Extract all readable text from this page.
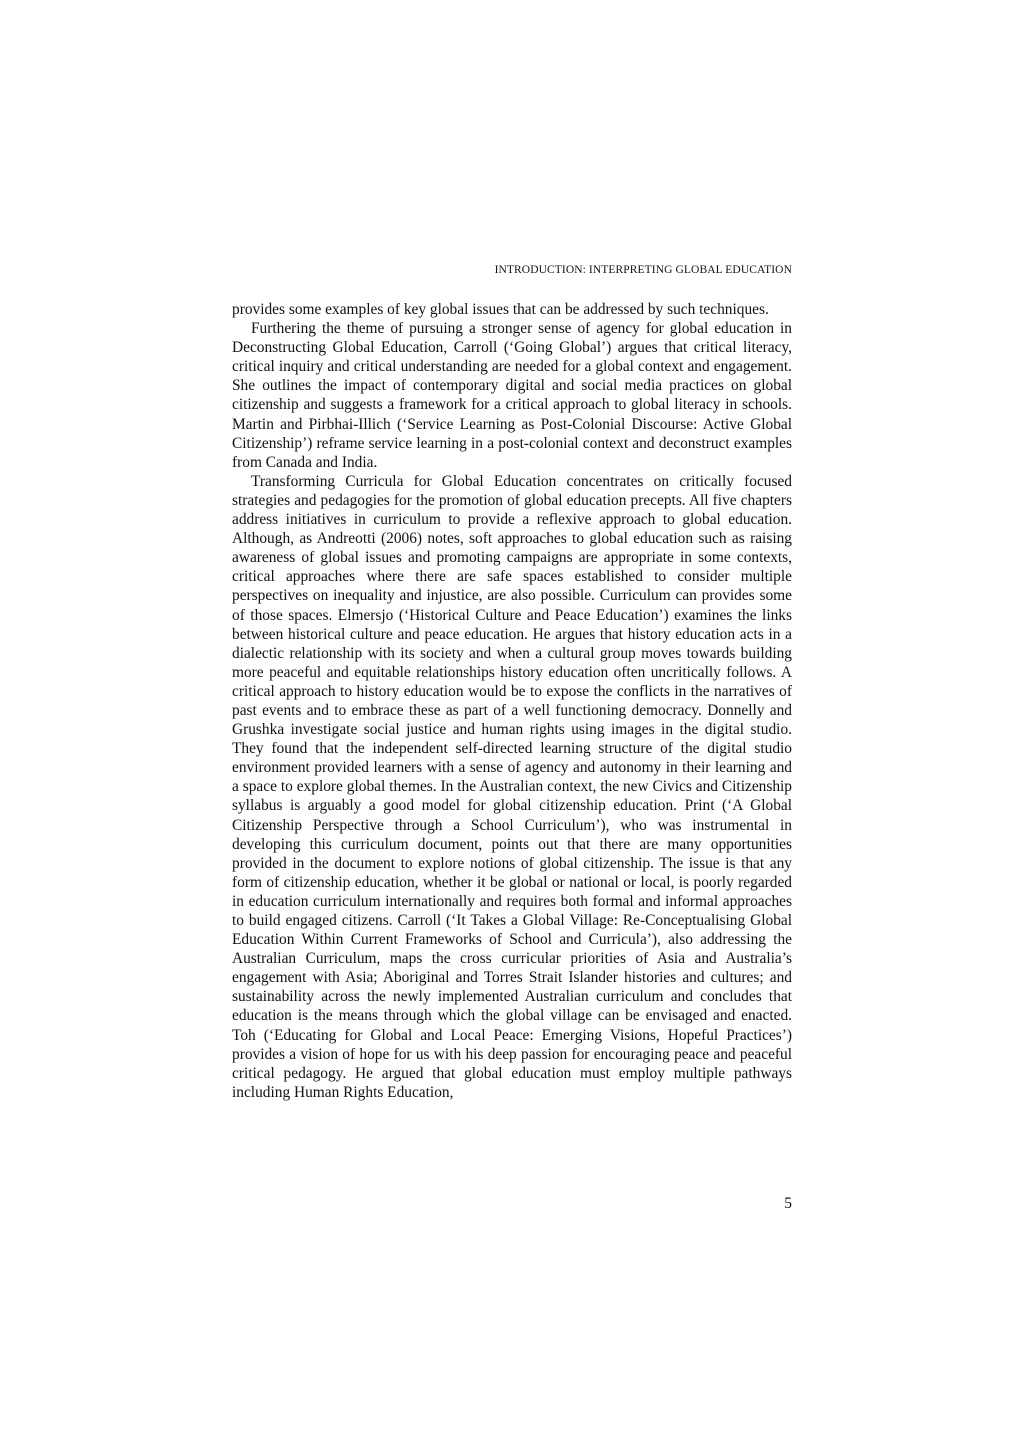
INTRODUCTION: INTERPRETING GLOBAL EDUCATION

provides some examples of key global issues that can be addressed by such techniques.

Furthering the theme of pursuing a stronger sense of agency for global education in Deconstructing Global Education, Carroll (‘Going Global’) argues that critical literacy, critical inquiry and critical understanding are needed for a global context and engagement. She outlines the impact of contemporary digital and social media practices on global citizenship and suggests a framework for a critical approach to global literacy in schools. Martin and Pirbhai-Illich (‘Service Learning as Post-Colonial Discourse: Active Global Citizenship’) reframe service learning in a post-colonial context and deconstruct examples from Canada and India.

Transforming Curricula for Global Education concentrates on critically focused strategies and pedagogies for the promotion of global education precepts. All five chapters address initiatives in curriculum to provide a reflexive approach to global education. Although, as Andreotti (2006) notes, soft approaches to global education such as raising awareness of global issues and promoting campaigns are appropriate in some contexts, critical approaches where there are safe spaces established to consider multiple perspectives on inequality and injustice, are also possible. Curriculum can provides some of those spaces. Elmersjo (‘Historical Culture and Peace Education’) examines the links between historical culture and peace education. He argues that history education acts in a dialectic relationship with its society and when a cultural group moves towards building more peaceful and equitable relationships history education often uncritically follows. A critical approach to history education would be to expose the conflicts in the narratives of past events and to embrace these as part of a well functioning democracy. Donnelly and Grushka investigate social justice and human rights using images in the digital studio. They found that the independent self-directed learning structure of the digital studio environment provided learners with a sense of agency and autonomy in their learning and a space to explore global themes. In the Australian context, the new Civics and Citizenship syllabus is arguably a good model for global citizenship education. Print (‘A Global Citizenship Perspective through a School Curriculum’), who was instrumental in developing this curriculum document, points out that there are many opportunities provided in the document to explore notions of global citizenship. The issue is that any form of citizenship education, whether it be global or national or local, is poorly regarded in education curriculum internationally and requires both formal and informal approaches to build engaged citizens. Carroll (‘It Takes a Global Village: Re-Conceptualising Global Education Within Current Frameworks of School and Curricula’), also addressing the Australian Curriculum, maps the cross curricular priorities of Asia and Australia’s engagement with Asia; Aboriginal and Torres Strait Islander histories and cultures; and sustainability across the newly implemented Australian curriculum and concludes that education is the means through which the global village can be envisaged and enacted. Toh (‘Educating for Global and Local Peace: Emerging Visions, Hopeful Practices’) provides a vision of hope for us with his deep passion for encouraging peace and peaceful critical pedagogy. He argued that global education must employ multiple pathways including Human Rights Education,

5
